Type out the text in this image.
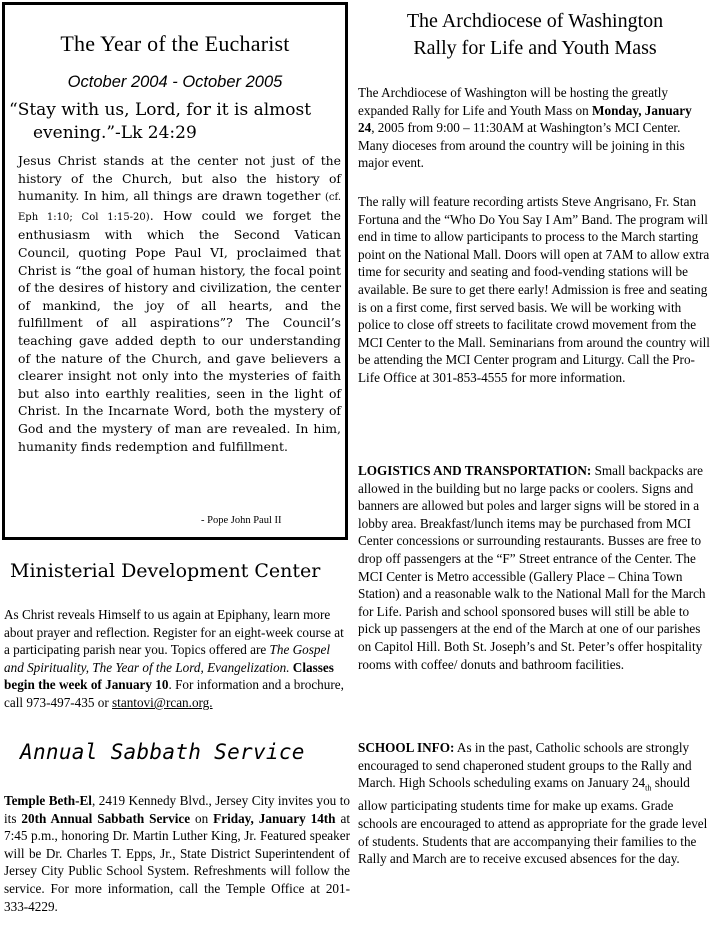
The Year of the Eucharist
October 2004 - October 2005
“Stay with us, Lord, for it is almost evening.”-Lk 24:29
Jesus Christ stands at the center not just of the history of the Church, but also the history of humanity. In him, all things are drawn together (cf. Eph 1:10; Col 1:15-20). How could we forget the enthusiasm with which the Second Vatican Council, quoting Pope Paul VI, proclaimed that Christ is “the goal of human history, the focal point of the desires of history and civilization, the center of mankind, the joy of all hearts, and the fulfillment of all aspirations”? The Council’s teaching gave added depth to our understanding of the nature of the Church, and gave believers a clearer insight not only into the mysteries of faith but also into earthly realities, seen in the light of Christ. In the Incarnate Word, both the mystery of God and the mystery of man are revealed. In him, humanity finds redemption and fulfillment.
- Pope John Paul II
Ministerial Development Center
As Christ reveals Himself to us again at Epiphany, learn more about prayer and reflection. Register for an eight-week course at a participating parish near you. Topics offered are The Gospel and Spirituality, The Year of the Lord, Evangelization. Classes begin the week of January 10. For information and a brochure, call 973-497-435 or stantovi@rcan.org.
Annual Sabbath Service
Temple Beth-El, 2419 Kennedy Blvd., Jersey City invites you to its 20th Annual Sabbath Service on Friday, January 14th at 7:45 p.m., honoring Dr. Martin Luther King, Jr. Featured speaker will be Dr. Charles T. Epps, Jr., State District Superintendent of Jersey City Public School System. Refreshments will follow the service. For more information, call the Temple Office at 201-333-4229.
The Archdiocese of Washington
Rally for Life and Youth Mass
The Archdiocese of Washington will be hosting the greatly expanded Rally for Life and Youth Mass on Monday, January 24, 2005 from 9:00 – 11:30AM at Washington’s MCI Center. Many dioceses from around the country will be joining in this major event.
The rally will feature recording artists Steve Angrisano, Fr. Stan Fortuna and the “Who Do You Say I Am” Band. The program will end in time to allow participants to process to the March starting point on the National Mall. Doors will open at 7AM to allow extra time for security and seating and food-vending stations will be available. Be sure to get there early! Admission is free and seating is on a first come, first served basis. We will be working with police to close off streets to facilitate crowd movement from the MCI Center to the Mall. Seminarians from around the country will be attending the MCI Center program and Liturgy. Call the Pro-Life Office at 301-853-4555 for more information.
LOGISTICS AND TRANSPORTATION: Small backpacks are allowed in the building but no large packs or coolers. Signs and banners are allowed but poles and larger signs will be stored in a lobby area. Breakfast/lunch items may be purchased from MCI Center concessions or surrounding restaurants. Busses are free to drop off passengers at the “F” Street entrance of the Center. The MCI Center is Metro accessible (Gallery Place – China Town Station) and a reasonable walk to the National Mall for the March for Life. Parish and school sponsored buses will still be able to pick up passengers at the end of the March at one of our parishes on Capitol Hill. Both St. Joseph’s and St. Peter’s offer hospitality rooms with coffee/ donuts and bathroom facilities.
SCHOOL INFO: As in the past, Catholic schools are strongly encouraged to send chaperoned student groups to the Rally and March. High Schools scheduling exams on January $24_{th}$ should allow participating students time for make up exams. Grade schools are encouraged to attend as appropriate for the grade level of students. Students that are accompanying their families to the Rally and March are to receive excused absences for the day.
